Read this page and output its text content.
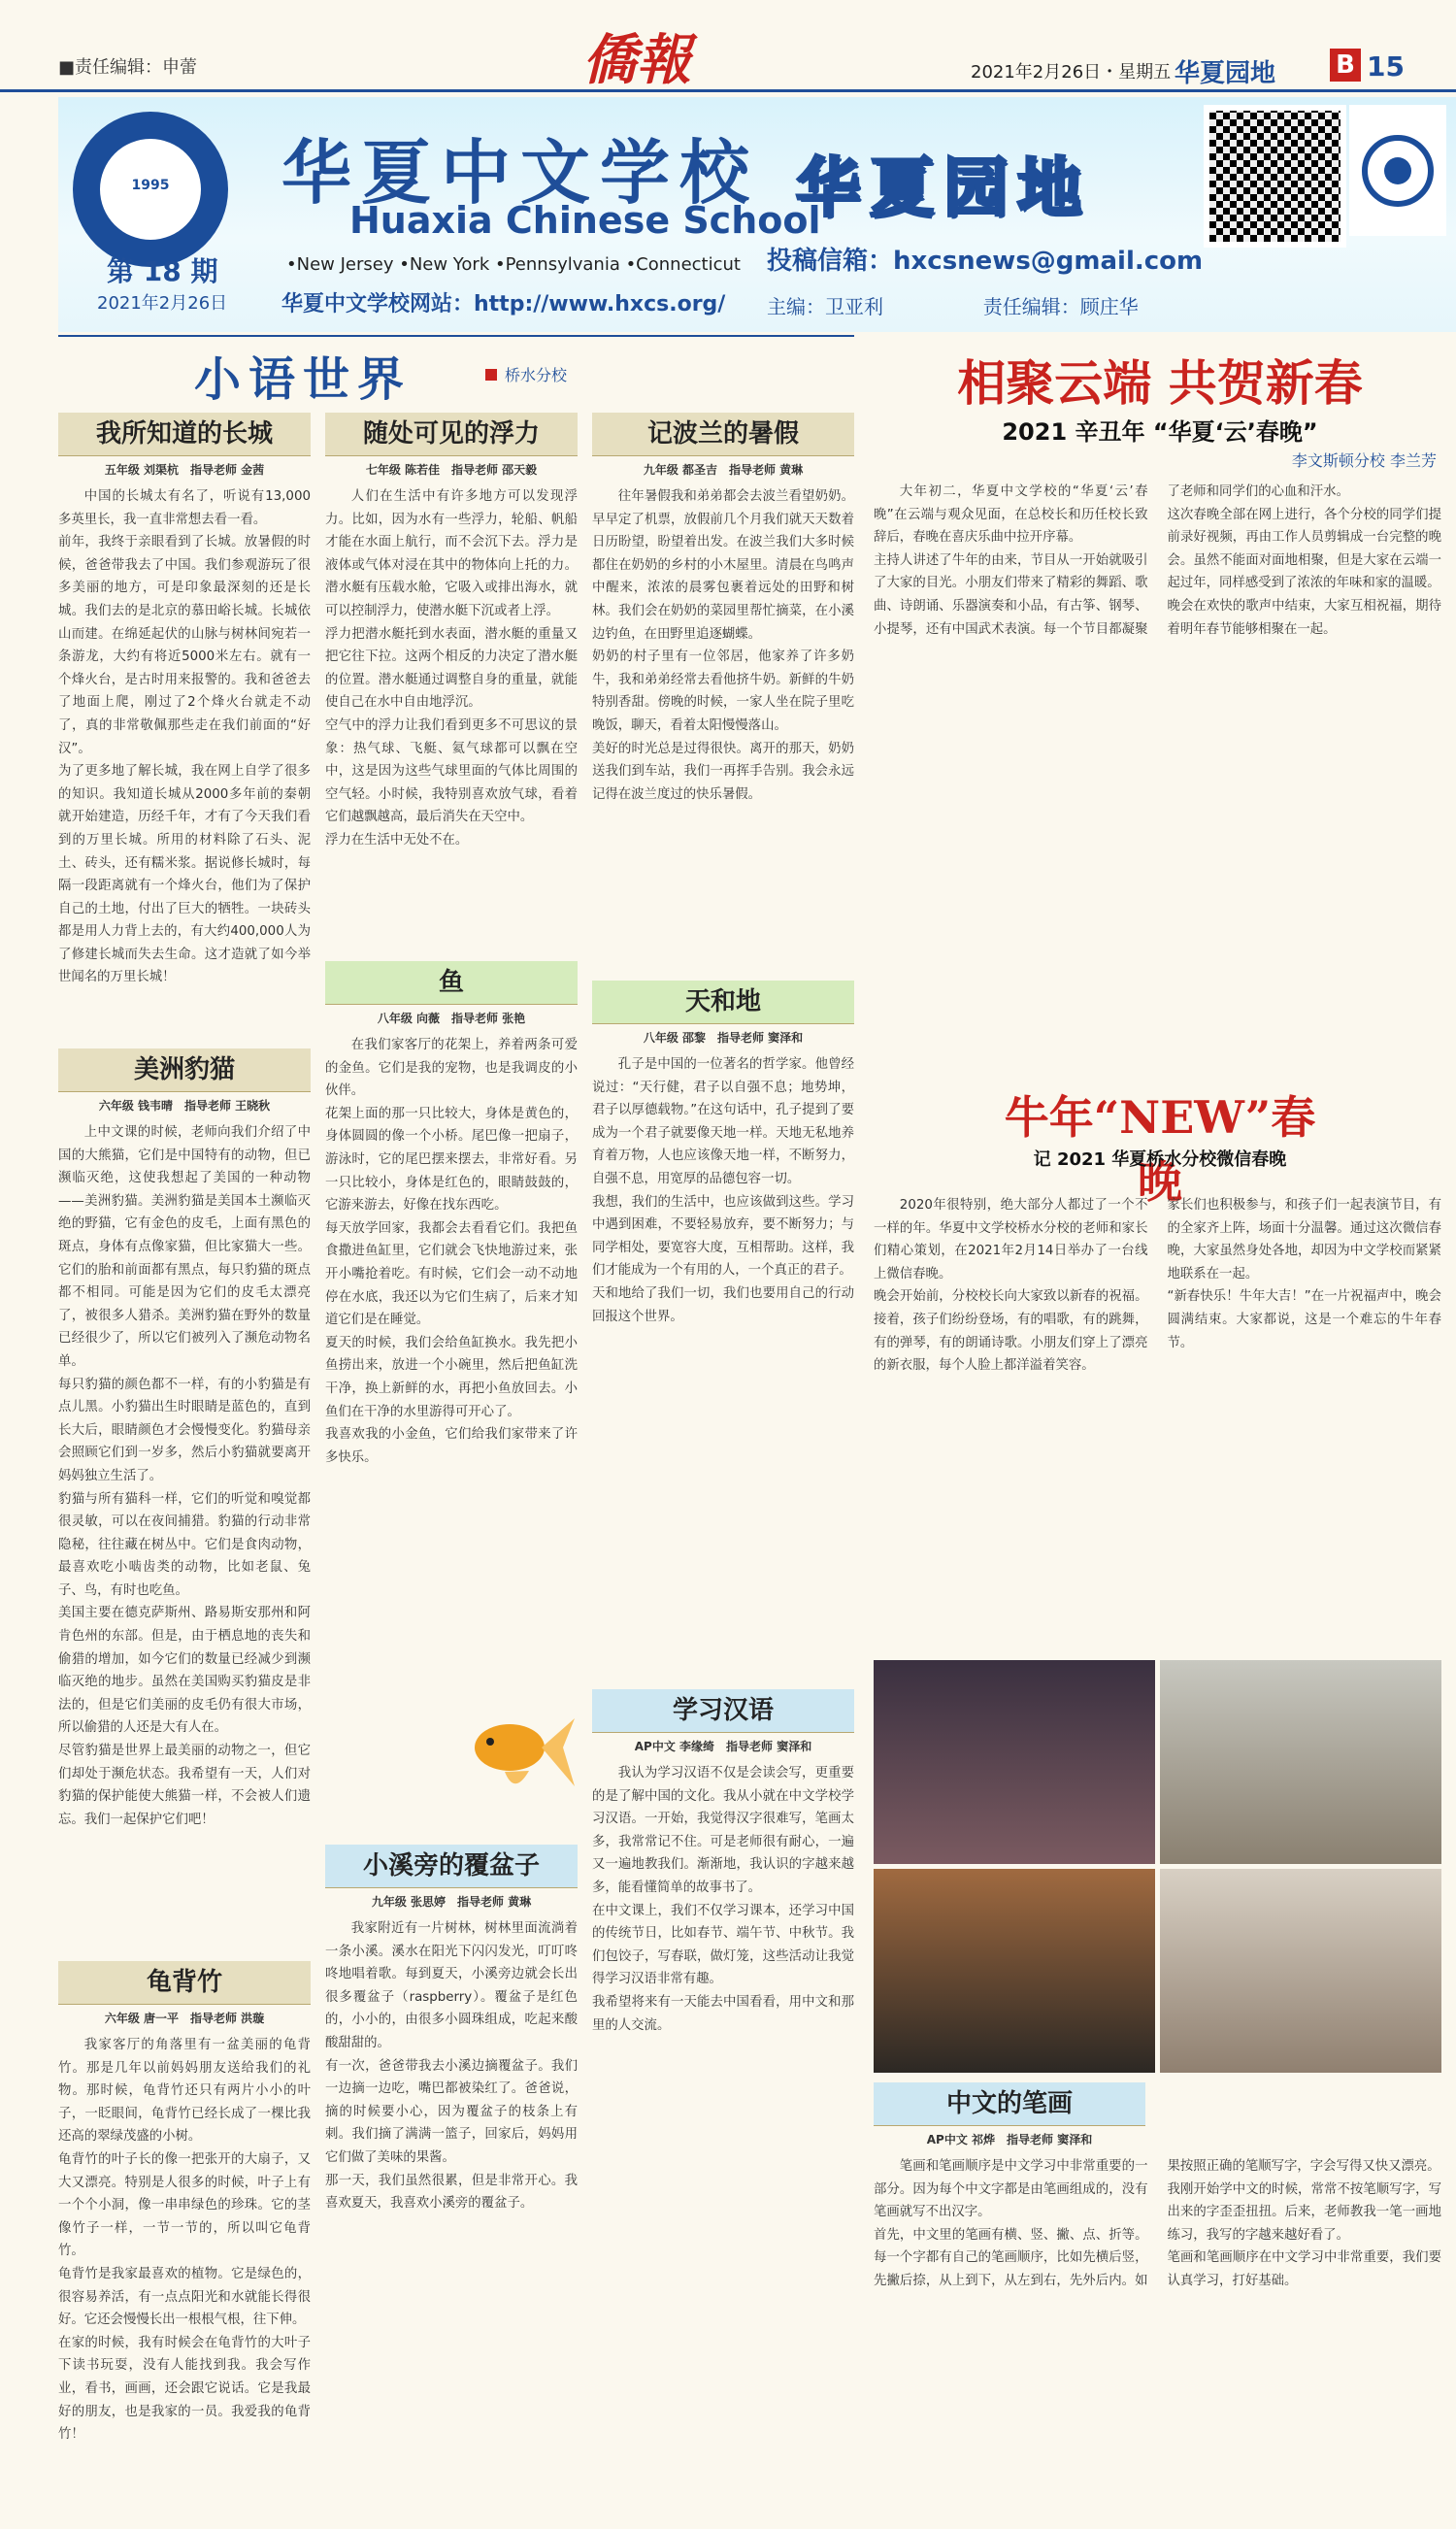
■责任编辑：申蕾	僑報	2021年2月26日・星期五 华夏园地 B 15
1995
第 18 期
2021年2月26日
华夏中文学校
Huaxia Chinese School
•New Jersey •New York •Pennsylvania •Connecticut
华夏中文学校网站：http://www.hxcs.org/
华夏园地
投稿信箱：hxcsnews@gmail.com
主编：卫亚利	责任编辑：顾庄华
小语世界	桥水分校
我所知道的长城
五年级 刘渠杭　指导老师 金茜
中国的长城太有名了，听说有13,000多英里长，我一直非常想去看一看。
前年，我终于亲眼看到了长城。放暑假的时候，爸爸带我去了中国。我们参观游玩了很多美丽的地方，可是印象最深刻的还是长城。我们去的是北京的慕田峪长城。长城依山而建。在绵延起伏的山脉与树林间宛若一条游龙，大约有将近5000米左右。就有一个烽火台，是古时用来报警的。我和爸爸去了地面上爬，刚过了2个烽火台就走不动了，真的非常敬佩那些走在我们前面的“好汉”。
为了更多地了解长城，我在网上自学了很多的知识。我知道长城从2000多年前的秦朝就开始建造，历经千年，才有了今天我们看到的万里长城。所用的材料除了石头、泥土、砖头，还有糯米浆。据说修长城时，每隔一段距离就有一个烽火台，他们为了保护自己的土地，付出了巨大的牺牲。一块砖头都是用人力背上去的，有大约400,000人为了修建长城而失去生命。这才造就了如今举世闻名的万里长城！
美洲豹猫
六年级 钱韦晴　指导老师 王晓秋
上中文课的时候，老师向我们介绍了中国的大熊猫，它们是中国特有的动物，但已濒临灭绝，这使我想起了美国的一种动物——美洲豹猫。美洲豹猫是美国本土濒临灭绝的野猫，它有金色的皮毛，上面有黑色的斑点，身体有点像家猫，但比家猫大一些。它们的胎和前面都有黑点，每只豹猫的斑点都不相同。可能是因为它们的皮毛太漂亮了，被很多人猎杀。美洲豹猫在野外的数量已经很少了，所以它们被列入了濒危动物名单。
每只豹猫的颜色都不一样，有的小豹猫是有点儿黑。小豹猫出生时眼睛是蓝色的，直到长大后，眼睛颜色才会慢慢变化。豹猫母亲会照顾它们到一岁多，然后小豹猫就要离开妈妈独立生活了。
豹猫与所有猫科一样，它们的听觉和嗅觉都很灵敏，可以在夜间捕猎。豹猫的行动非常隐秘，往往藏在树丛中。它们是食肉动物，最喜欢吃小啮齿类的动物，比如老鼠、兔子、鸟，有时也吃鱼。
美国主要在德克萨斯州、路易斯安那州和阿肯色州的东部。但是，由于栖息地的丧失和偷猎的增加，如今它们的数量已经减少到濒临灭绝的地步。虽然在美国购买豹猫皮是非法的，但是它们美丽的皮毛仍有很大市场，所以偷猎的人还是大有人在。
尽管豹猫是世界上最美丽的动物之一，但它们却处于濒危状态。我希望有一天，人们对豹猫的保护能使大熊猫一样，不会被人们遗忘。我们一起保护它们吧！
龟背竹
六年级 唐一平　指导老师 洪璇
我家客厅的角落里有一盆美丽的龟背竹。那是几年以前妈妈朋友送给我们的礼物。那时候，龟背竹还只有两片小小的叶子，一眨眼间，龟背竹已经长成了一棵比我还高的翠绿茂盛的小树。
龟背竹的叶子长的像一把张开的大扇子，又大又漂亮。特别是人很多的时候，叶子上有一个个小洞，像一串串绿色的珍珠。它的茎像竹子一样，一节一节的，所以叫它龟背竹。
龟背竹是我家最喜欢的植物。它是绿色的，很容易养活，有一点点阳光和水就能长得很好。它还会慢慢长出一根根气根，往下伸。
在家的时候，我有时候会在龟背竹的大叶子下读书玩耍，没有人能找到我。我会写作业，看书，画画，还会跟它说话。它是我最好的朋友，也是我家的一员。我爱我的龟背竹！
随处可见的浮力
七年级 陈若佳　指导老师 邵天毅
人们在生活中有许多地方可以发现浮力。比如，因为水有一些浮力，轮船、帆船才能在水面上航行，而不会沉下去。浮力是液体或气体对浸在其中的物体向上托的力。潜水艇有压载水舱，它吸入或排出海水，就可以控制浮力，使潜水艇下沉或者上浮。
浮力把潜水艇托到水表面，潜水艇的重量又把它往下拉。这两个相反的力决定了潜水艇的位置。潜水艇通过调整自身的重量，就能使自己在水中自由地浮沉。
空气中的浮力让我们看到更多不可思议的景象：热气球、飞艇、氦气球都可以飘在空中，这是因为这些气球里面的气体比周围的空气轻。小时候，我特别喜欢放气球，看着它们越飘越高，最后消失在天空中。
浮力在生活中无处不在。
鱼
八年级 向薇　指导老师 张艳
在我们家客厅的花架上，养着两条可爱的金鱼。它们是我的宠物，也是我调皮的小伙伴。
花架上面的那一只比较大，身体是黄色的，身体圆圆的像一个小桥。尾巴像一把扇子，游泳时，它的尾巴摆来摆去，非常好看。另一只比较小，身体是红色的，眼睛鼓鼓的，它游来游去，好像在找东西吃。
每天放学回家，我都会去看看它们。我把鱼食撒进鱼缸里，它们就会飞快地游过来，张开小嘴抢着吃。有时候，它们会一动不动地停在水底，我还以为它们生病了，后来才知道它们是在睡觉。
夏天的时候，我们会给鱼缸换水。我先把小鱼捞出来，放进一个小碗里，然后把鱼缸洗干净，换上新鲜的水，再把小鱼放回去。小鱼们在干净的水里游得可开心了。
我喜欢我的小金鱼，它们给我们家带来了许多快乐。
小溪旁的覆盆子
九年级 张思婷　指导老师 黄琳
我家附近有一片树林，树林里面流淌着一条小溪。溪水在阳光下闪闪发光，叮叮咚咚地唱着歌。每到夏天，小溪旁边就会长出很多覆盆子（raspberry）。覆盆子是红色的，小小的，由很多小圆珠组成，吃起来酸酸甜甜的。
有一次，爸爸带我去小溪边摘覆盆子。我们一边摘一边吃，嘴巴都被染红了。爸爸说，摘的时候要小心，因为覆盆子的枝条上有刺。我们摘了满满一篮子，回家后，妈妈用它们做了美味的果酱。
那一天，我们虽然很累，但是非常开心。我喜欢夏天，我喜欢小溪旁的覆盆子。
记波兰的暑假
九年级 都圣吉　指导老师 黄琳
往年暑假我和弟弟都会去波兰看望奶奶。早早定了机票，放假前几个月我们就天天数着日历盼望，盼望着出发。在波兰我们大多时候都住在奶奶的乡村的小木屋里。清晨在鸟鸣声中醒来，浓浓的晨雾包裹着远处的田野和树林。我们会在奶奶的菜园里帮忙摘菜，在小溪边钓鱼，在田野里追逐蝴蝶。
奶奶的村子里有一位邻居，他家养了许多奶牛，我和弟弟经常去看他挤牛奶。新鲜的牛奶特别香甜。傍晚的时候，一家人坐在院子里吃晚饭，聊天，看着太阳慢慢落山。
美好的时光总是过得很快。离开的那天，奶奶送我们到车站，我们一再挥手告别。我会永远记得在波兰度过的快乐暑假。
天和地
八年级 邵黎　指导老师 窦泽和
孔子是中国的一位著名的哲学家。他曾经说过：“天行健，君子以自强不息；地势坤，君子以厚德载物。”在这句话中，孔子提到了要成为一个君子就要像天地一样。天地无私地养育着万物，人也应该像天地一样，不断努力，自强不息，用宽厚的品德包容一切。
我想，我们的生活中，也应该做到这些。学习中遇到困难，不要轻易放弃，要不断努力；与同学相处，要宽容大度，互相帮助。这样，我们才能成为一个有用的人，一个真正的君子。
天和地给了我们一切，我们也要用自己的行动回报这个世界。
学习汉语
AP中文 李缘绮　指导老师 窦泽和
我认为学习汉语不仅是会读会写，更重要的是了解中国的文化。我从小就在中文学校学习汉语。一开始，我觉得汉字很难写，笔画太多，我常常记不住。可是老师很有耐心，一遍又一遍地教我们。渐渐地，我认识的字越来越多，能看懂简单的故事书了。
在中文课上，我们不仅学习课本，还学习中国的传统节日，比如春节、端午节、中秋节。我们包饺子，写春联，做灯笼，这些活动让我觉得学习汉语非常有趣。
我希望将来有一天能去中国看看，用中文和那里的人交流。
相聚云端 共贺新春
2021 辛丑年 “华夏‘云’春晚”
李文斯顿分校 李兰芳
大年初二，华夏中文学校的“华夏‘云’春晚”在云端与观众见面，在总校长和历任校长致辞后，春晚在喜庆乐曲中拉开序幕。
主持人讲述了牛年的由来，节目从一开始就吸引了大家的目光。小朋友们带来了精彩的舞蹈、歌曲、诗朗诵、乐器演奏和小品，有古筝、钢琴、小提琴，还有中国武术表演。每一个节目都凝聚了老师和同学们的心血和汗水。
这次春晚全部在网上进行，各个分校的同学们提前录好视频，再由工作人员剪辑成一台完整的晚会。虽然不能面对面地相聚，但是大家在云端一起过年，同样感受到了浓浓的年味和家的温暖。
晚会在欢快的歌声中结束，大家互相祝福，期待着明年春节能够相聚在一起。
牛年“NEW”春晚
记 2021 华夏桥水分校微信春晚
2020年很特别，绝大部分人都过了一个不一样的年。华夏中文学校桥水分校的老师和家长们精心策划，在2021年2月14日举办了一台线上微信春晚。
晚会开始前，分校校长向大家致以新春的祝福。接着，孩子们纷纷登场，有的唱歌，有的跳舞，有的弹琴，有的朗诵诗歌。小朋友们穿上了漂亮的新衣服，每个人脸上都洋溢着笑容。
家长们也积极参与，和孩子们一起表演节目，有的全家齐上阵，场面十分温馨。通过这次微信春晚，大家虽然身处各地，却因为中文学校而紧紧地联系在一起。
“新春快乐！牛年大吉！”在一片祝福声中，晚会圆满结束。大家都说，这是一个难忘的牛年春节。
中文的笔画
AP中文 祁烨　指导老师 窦泽和
笔画和笔画顺序是中文学习中非常重要的一部分。因为每个中文字都是由笔画组成的，没有笔画就写不出汉字。
首先，中文里的笔画有横、竖、撇、点、折等。每一个字都有自己的笔画顺序，比如先横后竖，先撇后捺，从上到下，从左到右，先外后内。如果按照正确的笔顺写字，字会写得又快又漂亮。
我刚开始学中文的时候，常常不按笔顺写字，写出来的字歪歪扭扭。后来，老师教我一笔一画地练习，我写的字越来越好看了。
笔画和笔画顺序在中文学习中非常重要，我们要认真学习，打好基础。
